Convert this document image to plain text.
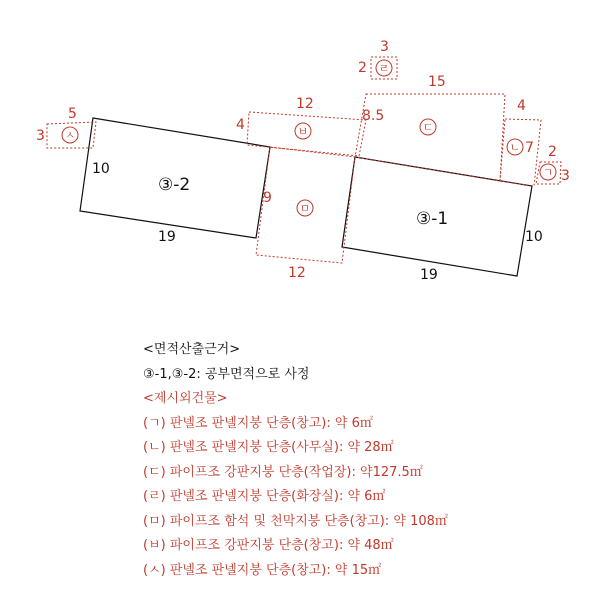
ㅅ	ㅂ
ㅁ
ㄷ
ㄴ
ㄱ
ㄹ
③-2
③-1
10
19	10
19
5
3
4
12
9
12
15
8.5
4
7 2
3
3
2
<면적산출근거>
③-1,③-2: 공부면적으로 사정
<제시외건물>
(ㄱ) 판넬조 판넬지붕 단층(창고): 약 6㎡
(ㄴ) 판넬조 판넬지붕 단층(사무실): 약 28㎡
(ㄷ) 파이프조 강판지붕 단층(작업장): 약127.5㎡
(ㄹ) 판넬조 판넬지붕 단층(화장실): 약 6㎡
(ㅁ) 파이프조 함석 및 천막지붕 단층(창고): 약 108㎡
(ㅂ) 파이프조 강판지붕 단층(창고): 약 48㎡
(ㅅ) 판넬조 판넬지붕 단층(창고): 약 15㎡
